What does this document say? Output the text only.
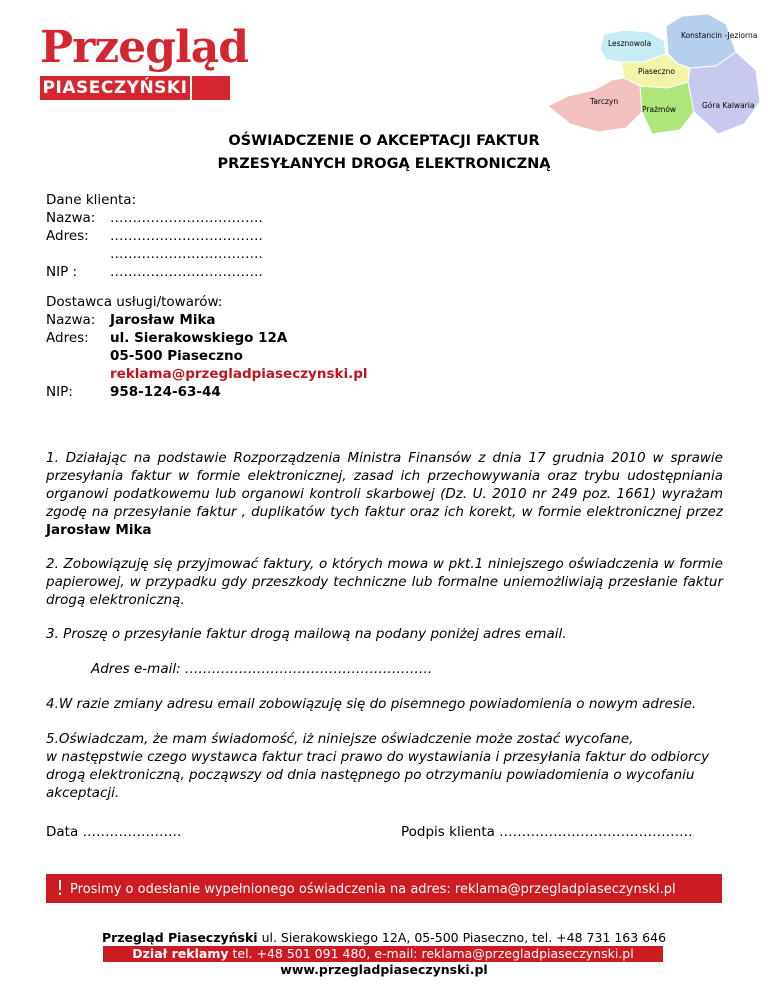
Przegląd
PIASECZYŃSKI
Lesznowola
Konstancin -Jeziorna
Piaseczno
Tarczyn
Prażmów	Góra Kalwaria
OŚWIADCZENIE O AKCEPTACJI FAKTUR
PRZESYŁANYCH DROGĄ ELEKTRONICZNĄ
Dane klienta:
Nazwa: …………………………….
Adres: …………………………….
…………………………….
NIP : …………………………….
Dostawca usługi/towarów:
Nazwa: Jarosław Mika
Adres: ul. Sierakowskiego 12A
05-500 Piaseczno
reklama@przegladpiaseczynski.pl
NIP:	958-124-63-44
1. Działając na podstawie Rozporządzenia Ministra Finansów z dnia 17 grudnia 2010 w sprawie przesyłania faktur w formie elektronicznej, zasad ich przechowywania oraz trybu udostępniania organowi podatkowemu lub organowi kontroli skarbowej (Dz. U. 2010 nr 249 poz. 1661) wyrażam zgodę na przesyłanie faktur , duplikatów tych faktur oraz ich korekt, w formie elektronicznej przez Jarosław Mika
2. Zobowiązuję się przyjmować faktury, o których mowa w pkt.1 niniejszego oświadczenia w formie papierowej, w przypadku gdy przeszkody techniczne lub formalne uniemożliwiają przesłanie faktur drogą elektroniczną.
3. Proszę o przesyłanie faktur drogą mailową na podany poniżej adres email.
Adres e-mail: ……………………………………………….
4.W razie zmiany adresu email zobowiązuję się do pisemnego powiadomienia o nowym adresie.
5.Oświadczam, że mam świadomość, iż niniejsze oświadczenie może zostać wycofane,
w następstwie czego wystawca faktur traci prawo do wystawiania i przesyłania faktur do odbiorcy drogą elektroniczną, począwszy od dnia następnego po otrzymaniu powiadomienia o wycofaniu akceptacji.
Data ………………….	Podpis klienta …………………………………….
! Prosimy o odesłanie wypełnionego oświadczenia na adres: reklama@przegladpiaseczynski.pl
Przegląd Piaseczyński ul. Sierakowskiego 12A, 05-500 Piaseczno, tel. +48 731 163 646
Dział reklamy tel. +48 501 091 480, e-mail: reklama@przegladpiaseczynski.pl
www.przegladpiaseczynski.pl
